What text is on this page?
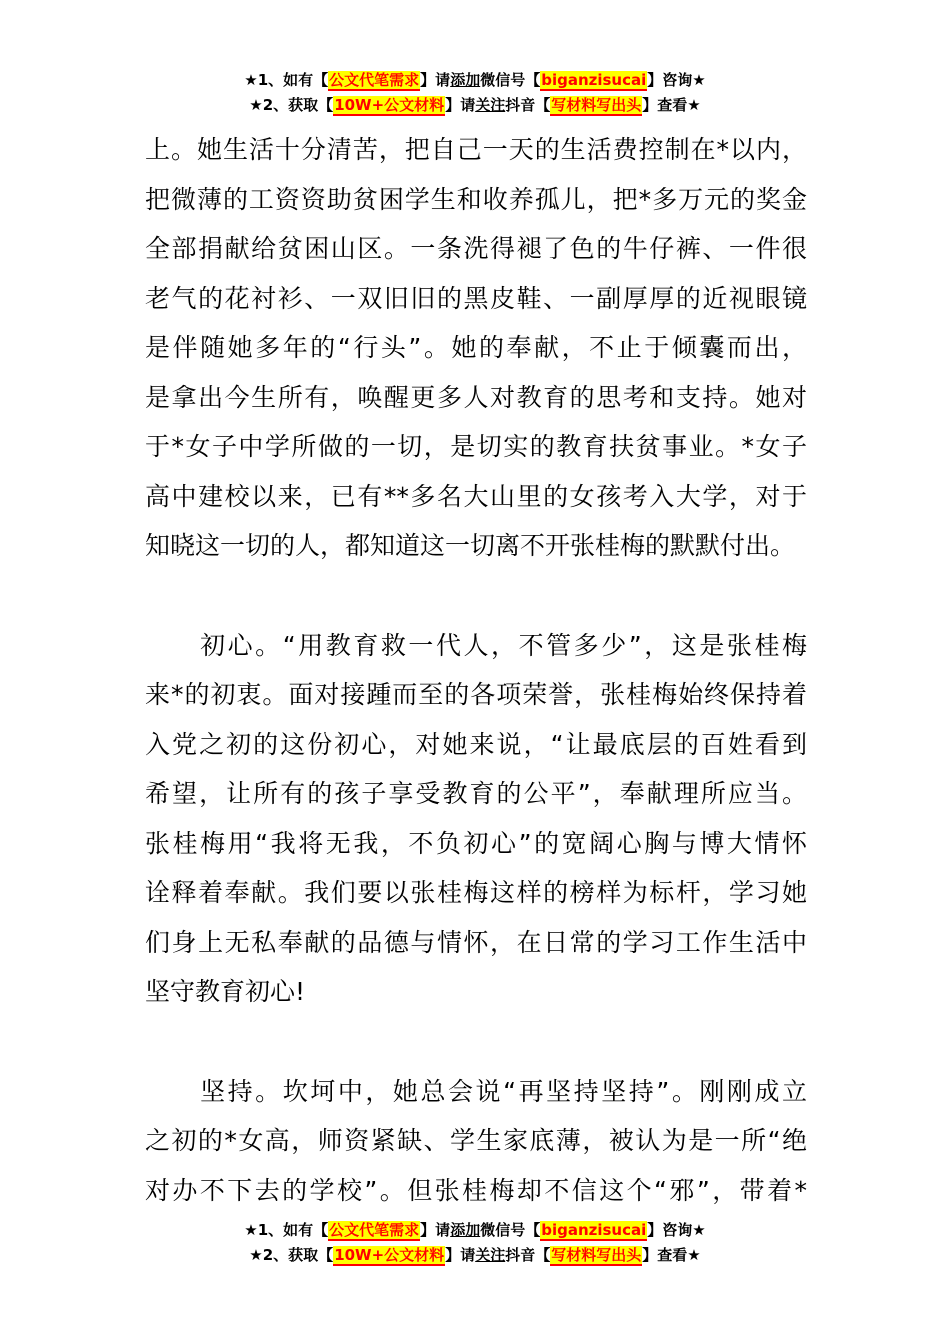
★1、如有【公文代笔需求】请添加微信号【biganzisucai】咨询★
★2、获取【10W+公文材料】请关注抖音【写材料写出头】查看★
上。她生活十分清苦，把自己一天的生活费控制在*以内，
把微薄的工资资助贫困学生和收养孤儿，把*多万元的奖金
全部捐献给贫困山区。一条洗得褪了色的牛仔裤、一件很
老气的花衬衫、一双旧旧的黑皮鞋、一副厚厚的近视眼镜
是伴随她多年的“行头”。她的奉献，不止于倾囊而出，
是拿出今生所有，唤醒更多人对教育的思考和支持。她对
于*女子中学所做的一切，是切实的教育扶贫事业。*女子
高中建校以来，已有**多名大山里的女孩考入大学，对于
知晓这一切的人，都知道这一切离不开张桂梅的默默付出。
　　初心。“用教育救一代人，不管多少”，这是张桂梅
来*的初衷。面对接踵而至的各项荣誉，张桂梅始终保持着
入党之初的这份初心，对她来说，“让最底层的百姓看到
希望，让所有的孩子享受教育的公平”，奉献理所应当。
张桂梅用“我将无我，不负初心”的宽阔心胸与博大情怀
诠释着奉献。我们要以张桂梅这样的榜样为标杆，学习她
们身上无私奉献的品德与情怀，在日常的学习工作生活中
坚守教育初心!
　　坚持。坎坷中，她总会说“再坚持坚持”。刚刚成立
之初的*女高，师资紧缺、学生家底薄，被认为是一所“绝
对办不下去的学校”。但张桂梅却不信这个“邪”，带着*
★1、如有【公文代笔需求】请添加微信号【biganzisucai】咨询★
★2、获取【10W+公文材料】请关注抖音【写材料写出头】查看★
